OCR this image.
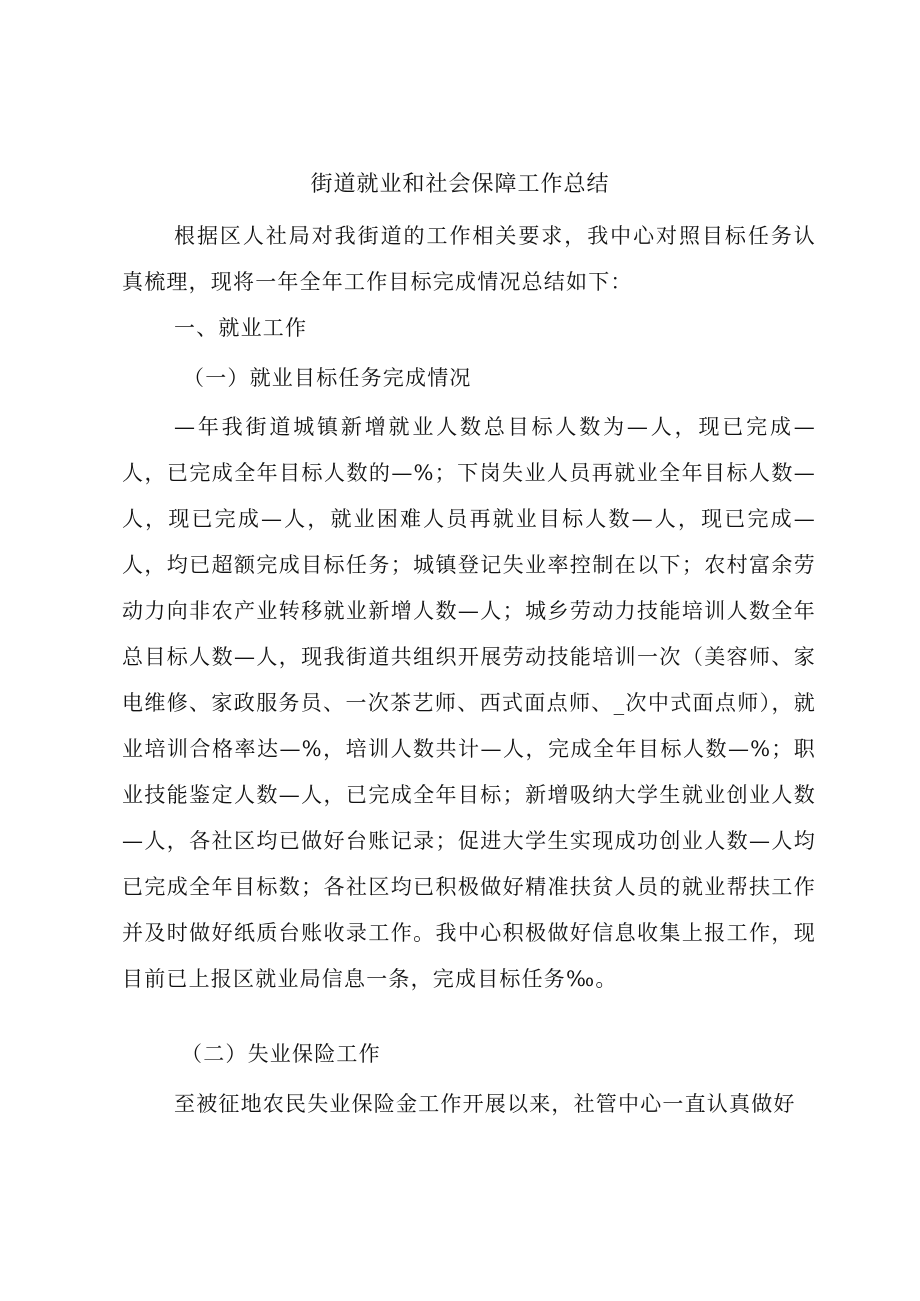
街道就业和社会保障工作总结

根据区人社局对我街道的工作相关要求，我中心对照目标任务认真梳理，现将一年全年工作目标完成情况总结如下：

一、就业工作

（一）就业目标任务完成情况

—年我街道城镇新增就业人数总目标人数为—人，现已完成—人，已完成全年目标人数的—%；下岗失业人员再就业全年目标人数—人，现已完成—人，就业困难人员再就业目标人数—人，现已完成—人，均已超额完成目标任务；城镇登记失业率控制在以下；农村富余劳动力向非农产业转移就业新增人数—人；城乡劳动力技能培训人数全年总目标人数—人，现我街道共组织开展劳动技能培训一次（美容师、家电维修、家政服务员、一次茶艺师、西式面点师、_次中式面点师），就业培训合格率达—%，培训人数共计—人，完成全年目标人数—%；职业技能鉴定人数—人，已完成全年目标；新增吸纳大学生就业创业人数—人，各社区均已做好台账记录；促进大学生实现成功创业人数—人均已完成全年目标数；各社区均已积极做好精准扶贫人员的就业帮扶工作并及时做好纸质台账收录工作。我中心积极做好信息收集上报工作，现目前已上报区就业局信息一条，完成目标任务‰。

（二）失业保险工作

至被征地农民失业保险金工作开展以来，社管中心一直认真做好
